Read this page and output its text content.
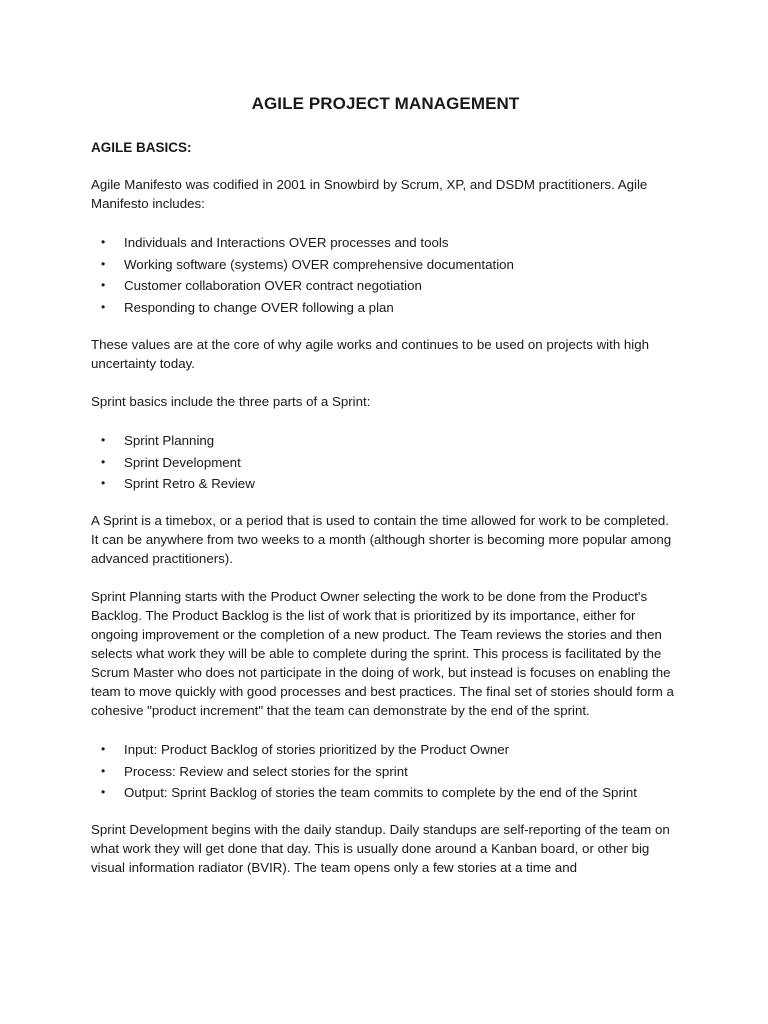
AGILE PROJECT MANAGEMENT
AGILE BASICS:

Agile Manifesto was codified in 2001 in Snowbird by Scrum, XP, and DSDM practitioners. Agile Manifesto includes:

• Individuals and Interactions OVER processes and tools
• Working software (systems) OVER comprehensive documentation
• Customer collaboration OVER contract negotiation
• Responding to change OVER following a plan

These values are at the core of why agile works and continues to be used on projects with high uncertainty today.

Sprint basics include the three parts of a Sprint:

• Sprint Planning
• Sprint Development
• Sprint Retro & Review

A Sprint is a timebox, or a period that is used to contain the time allowed for work to be completed. It can be anywhere from two weeks to a month (although shorter is becoming more popular among advanced practitioners).

Sprint Planning starts with the Product Owner selecting the work to be done from the Product's Backlog. The Product Backlog is the list of work that is prioritized by its importance, either for ongoing improvement or the completion of a new product. The Team reviews the stories and then selects what work they will be able to complete during the sprint. This process is facilitated by the Scrum Master who does not participate in the doing of work, but instead is focuses on enabling the team to move quickly with good processes and best practices. The final set of stories should form a cohesive "product increment" that the team can demonstrate by the end of the sprint.

• Input: Product Backlog of stories prioritized by the Product Owner
• Process: Review and select stories for the sprint
• Output: Sprint Backlog of stories the team commits to complete by the end of the Sprint

Sprint Development begins with the daily standup. Daily standups are self-reporting of the team on what work they will get done that day. This is usually done around a Kanban board, or other big visual information radiator (BVIR). The team opens only a few stories at a time and
